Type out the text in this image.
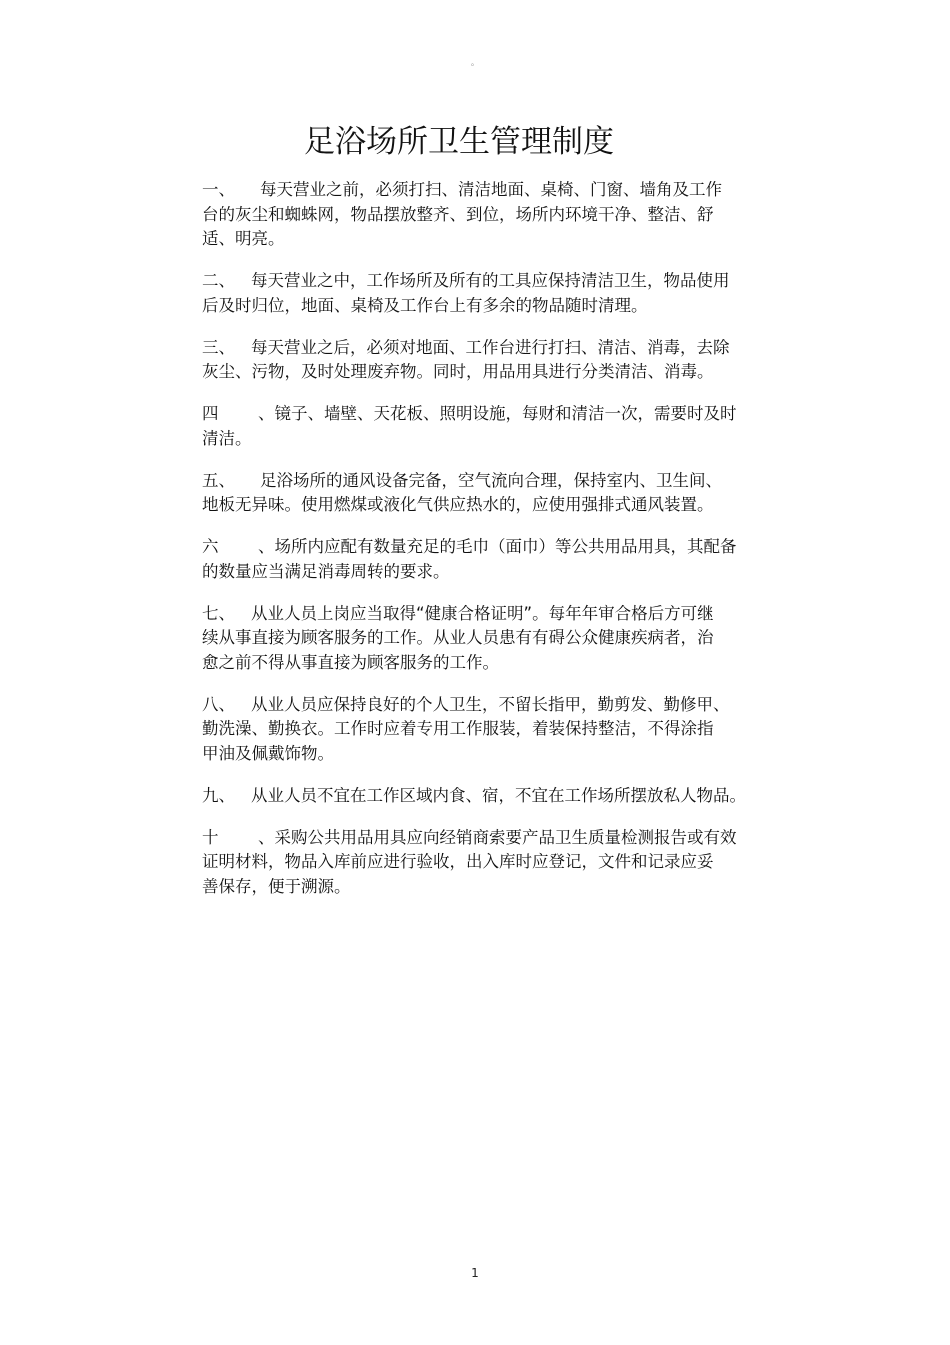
。
足浴场所卫生管理制度

一、 每天营业之前，必须打扫、清洁地面、桌椅、门窗、墙角及工作
台的灰尘和蜘蛛网，物品摆放整齐、到位，场所内环境干净、整洁、舒
适、明亮。

二、 每天营业之中，工作场所及所有的工具应保持清洁卫生，物品使用
后及时归位，地面、桌椅及工作台上有多余的物品随时清理。

三、 每天营业之后，必须对地面、工作台进行打扫、清洁、消毒，去除
灰尘、污物，及时处理废弃物。同时，用品用具进行分类清洁、消毒。

四 、镜子、墙壁、天花板、照明设施，每财和清洁一次，需要时及时
清洁。

五、 足浴场所的通风设备完备，空气流向合理，保持室内、卫生间、
地板无异味。使用燃煤或液化气供应热水的，应使用强排式通风装置。

六 、场所内应配有数量充足的毛巾（面巾）等公共用品用具，其配备
的数量应当满足消毒周转的要求。

七、 从业人员上岗应当取得“健康合格证明”。每年年审合格后方可继
续从事直接为顾客服务的工作。从业人员患有有碍公众健康疾病者，治
愈之前不得从事直接为顾客服务的工作。

八、 从业人员应保持良好的个人卫生，不留长指甲，勤剪发、勤修甲、
勤洗澡、勤换衣。工作时应着专用工作服装，着装保持整洁，不得涂指
甲油及佩戴饰物。

九、 从业人员不宜在工作区域内食、宿，不宜在工作场所摆放私人物品。

十 、采购公共用品用具应向经销商索要产品卫生质量检测报告或有效
证明材料，物品入库前应进行验收，出入库时应登记，文件和记录应妥
善保存，便于溯源。

1
